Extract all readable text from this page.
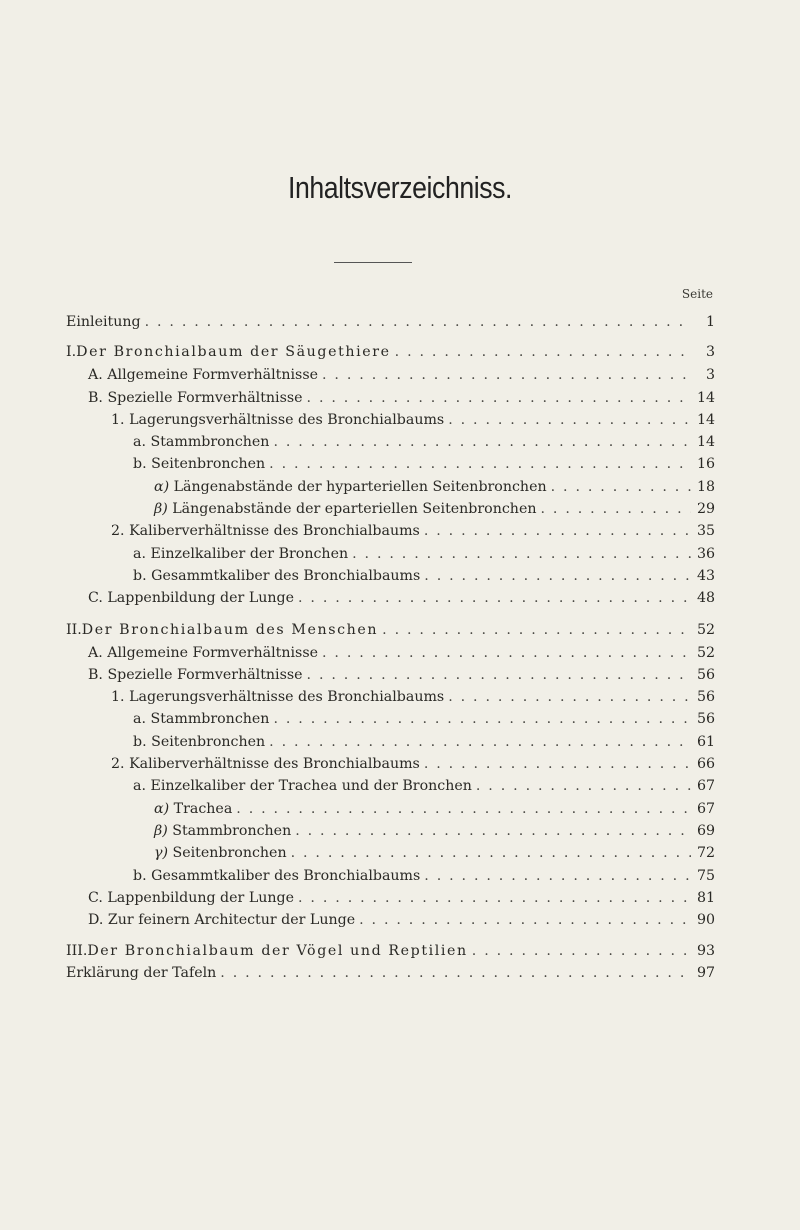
Inhaltsverzeichniss.
Seite
Einleitung . . .	1
I. Der Bronchialbaum der Säugethiere . . .	3
A.
Allgemeine Formverhältnisse . . .	3
B.
Spezielle Formverhältnisse . . .	14
1.
Lagerungsverhältnisse des Bronchialbaums . . .	14
a.
Stammbronchen . . .	14
b.
Seitenbronchen . . .	16
α)
Längenabstände der hyparteriellen Seitenbronchen . . .	18
β)
Längenabstände der eparteriellen Seitenbronchen . . .	29
2.
Kaliberverhältnisse des Bronchialbaums . . .	35
a.
Einzelkaliber der Bronchen . . .	36
b.
Gesammtkaliber des Bronchialbaums . . .	43
C.
Lappenbildung der Lunge . . .	48
II. Der Bronchialbaum des Menschen . . .	52
A.
Allgemeine Formverhältnisse . . .	52
B.
Spezielle Formverhältnisse . . .	56
1.
Lagerungsverhältnisse des Bronchialbaums . . .	56
a.
Stammbronchen . . .	56
b.
Seitenbronchen . . .	61
2.
Kaliberverhältnisse des Bronchialbaums . . .	66
a.
Einzelkaliber der Trachea und der Bronchen . . .	67
α)
Trachea . . .	67
β)
Stammbronchen . . .	69
γ)
Seitenbronchen . . .	72
b.
Gesammtkaliber des Bronchialbaums . . .	75
C.
Lappenbildung der Lunge . . .	81
D.
Zur feinern Architectur der Lunge . . .	90
III. Der Bronchialbaum der Vögel und Reptilien . . .	93
Erklärung der Tafeln . . .	97
